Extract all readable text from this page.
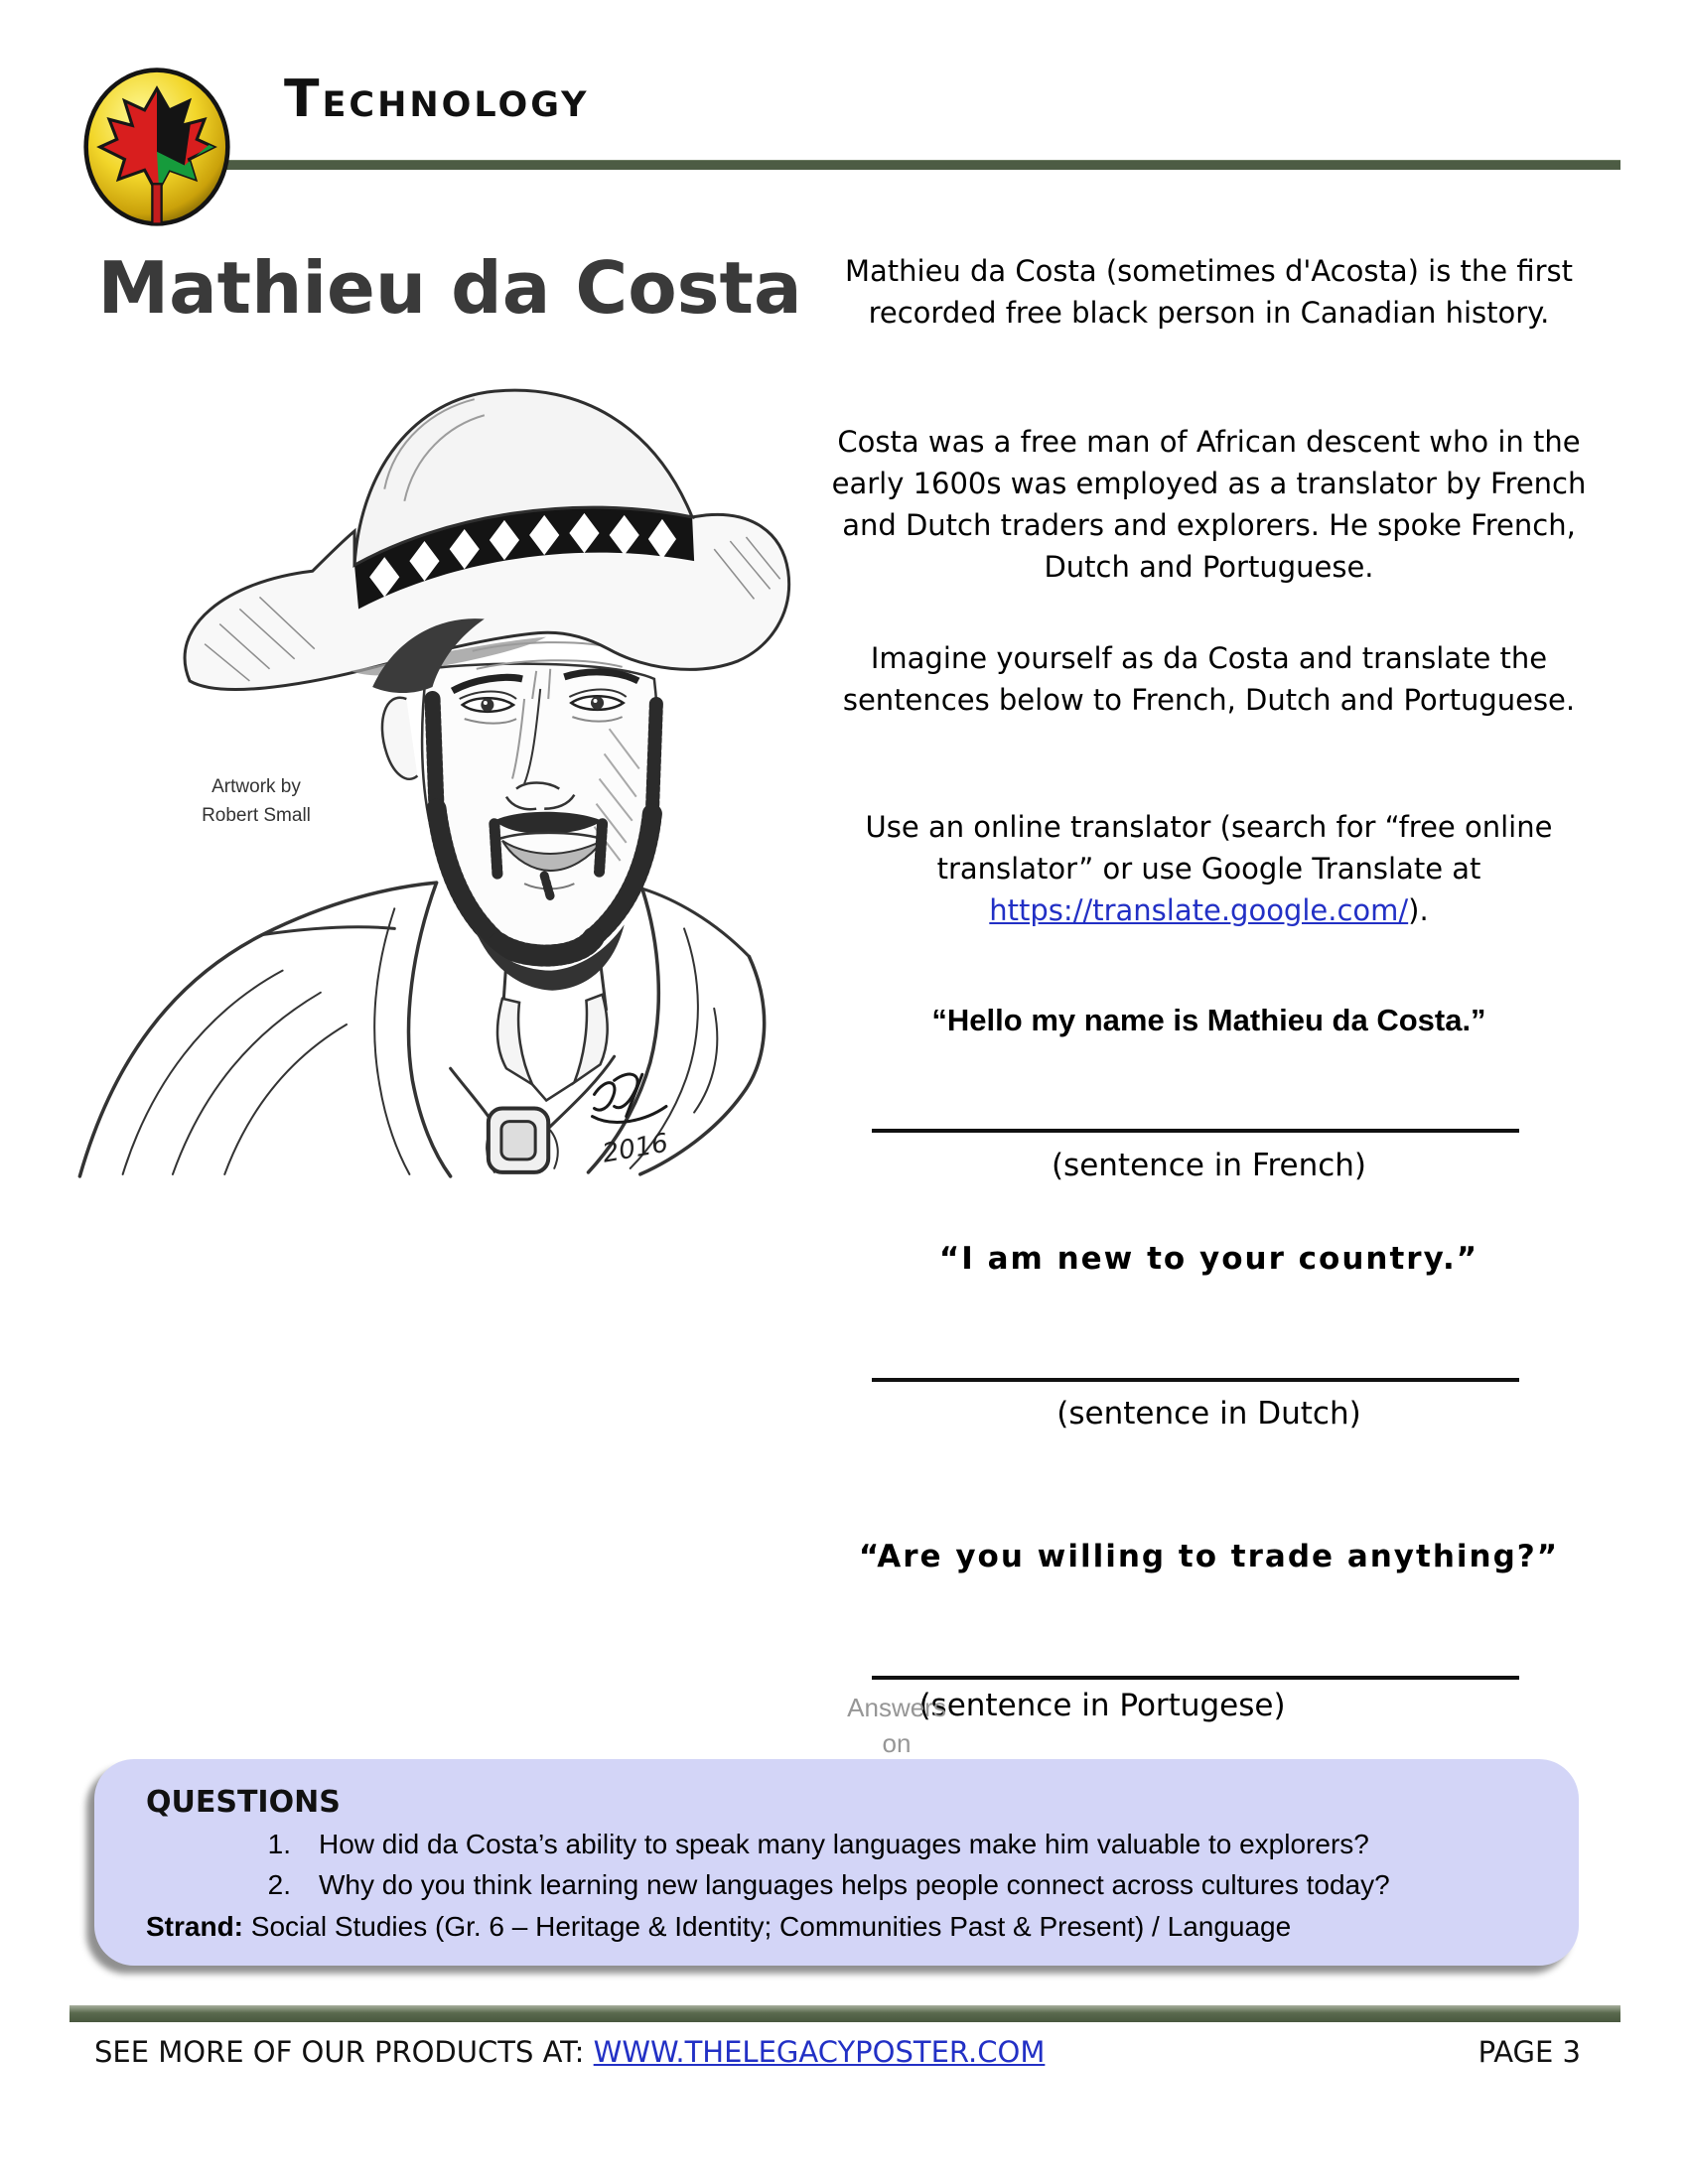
TECHNOLOGY
Mathieu da Costa
2016
Artwork by
Robert Small
Mathieu da Costa (sometimes d'Acosta) is the first recorded free black person in Canadian history.
Costa was a free man of African descent who in the early 1600s was employed as a translator by French and Dutch traders and explorers. He spoke French, Dutch and Portuguese.
Imagine yourself as da Costa and translate the sentences below to French, Dutch and Portuguese.
Use an online translator (search for “free online translator” or use Google Translate at https://translate.google.com/).
“Hello my name is Mathieu da Costa.”
(sentence in French)
“I am new to your country.”
(sentence in Dutch)
“Are you willing to trade anything?”
(sentence in Portugese)
Answers on
QUESTIONS
1. How did da Costa’s ability to speak many languages make him valuable to explorers?
2. Why do you think learning new languages helps people connect across cultures today?
Strand: Social Studies (Gr. 6 – Heritage & Identity; Communities Past & Present) / Language
SEE MORE OF OUR PRODUCTS AT: WWW.THELEGACYPOSTER.COM	PAGE 3
